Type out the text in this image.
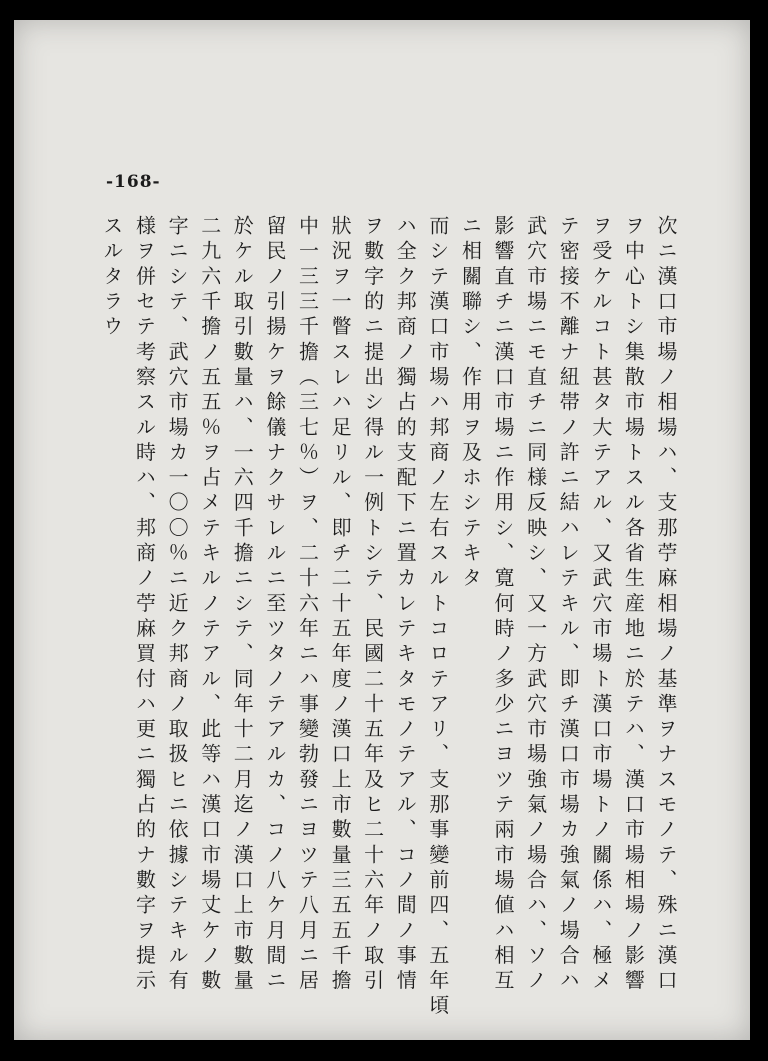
-168-

次ニ漢口市場ノ相場ハ、支那苧麻相場ノ基準ヲナスモノテ、殊ニ漢口

ヲ中心トシ集散市場トスル各省生産地ニ於テハ、漢口市場相場ノ影響

ヲ受ケルコト甚タ大テアル、又武穴市場ト漢口市場トノ關係ハ、極メ

テ密接不離ナ紐帯ノ許ニ結ハレテキル、即チ漢口市場カ強氣ノ場合ハ

武穴市場ニモ直チニ同様反映シ、又一方武穴市場強氣ノ場合ハ、ソノ

影響直チニ漢口市場ニ作用シ、寛何時ノ多少ニヨツテ兩市場値ハ相互

ニ相關聯シ、作用ヲ及ホシテキタ

而シテ漢口市場ハ邦商ノ左右スルトコロテアリ、支那事變前四、五年頃

ハ全ク邦商ノ獨占的支配下ニ置カレテキタモノテアル、コノ間ノ事情

ヲ數字的ニ提出シ得ル一例トシテ、民國二十五年及ヒ二十六年ノ取引

狀況ヲ一瞥スレハ足リル、即チ二十五年度ノ漢口上市數量三五五千擔

中一三三千擔（三七％）ヲ、二十六年ニハ事變勃發ニヨツテ八月ニ居

留民ノ引揚ケヲ餘儀ナクサレルニ至ツタノテアルカ、コノ八ケ月間ニ

於ケル取引數量ハ、一六四千擔ニシテ、同年十二月迄ノ漢口上市數量

二九六千擔ノ五五％ヲ占メテキルノテアル、此等ハ漢口市場丈ケノ數

字ニシテ、武穴市場カ一〇〇％ニ近ク邦商ノ取扱ヒニ依據シテキル有

様ヲ併セテ考察スル時ハ、邦商ノ苧麻買付ハ更ニ獨占的ナ數字ヲ提示

スルタラウ
